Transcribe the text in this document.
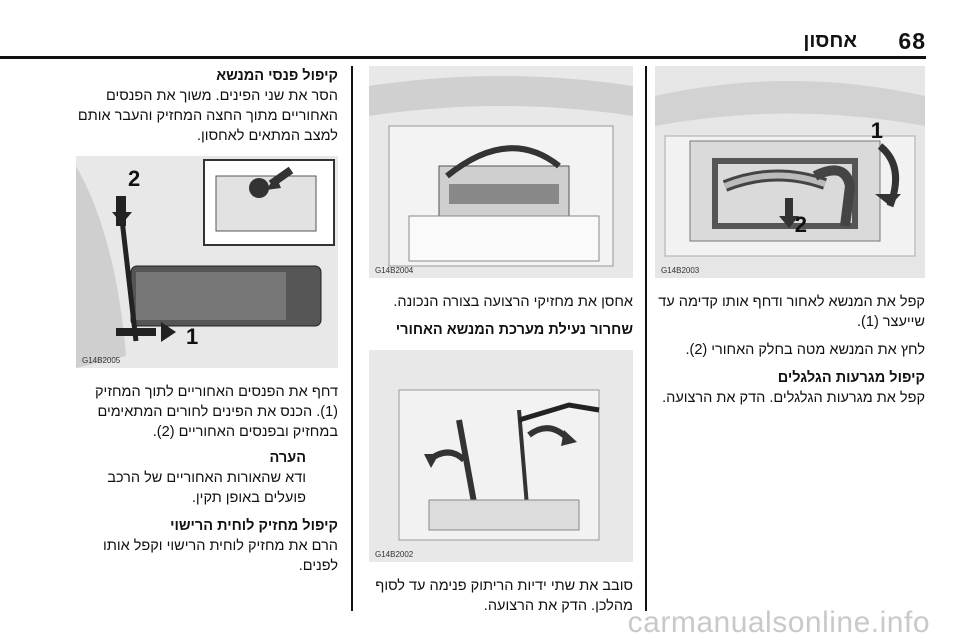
68
אחסון
1
2
G14B2003

קפל את המנשא לאחור ודחף אותו קדימה עד שייעצר (1).

לחץ את המנשא מטה בחלק האחורי (2).

קיפול מגרעות הגלגלים

קפל את מגרעות הגלגלים. הדק את הרצועה.

G14B2004

אחסן את מחזיקי הרצועה בצורה הנכונה.

שחרור נעילת מערכת המנשא האחורי

G14B2002

סובב את שתי ידיות הריתוק פנימה עד לסוף מהלכן. הדק את הרצועה.

קיפול פנסי המנשא

הסר את שני הפינים. משוך את הפנסים האחוריים מתוך החצה המחזיק והעבר אותם למצב המתאים לאחסון.

2
1
G14B2005

דחף את הפנסים האחוריים לתוך המחזיק (1). הכנס את הפינים לחורים המתאימים במחזיק ובפנסים האחוריים (2).

הערה

ודא שהאורות האחוריים של הרכב פועלים באופן תקין.

קיפול מחזיק לוחית הרישוי

הרם את מחזיק לוחית הרישוי וקפל אותו לפנים.

carmanualsonline.info
